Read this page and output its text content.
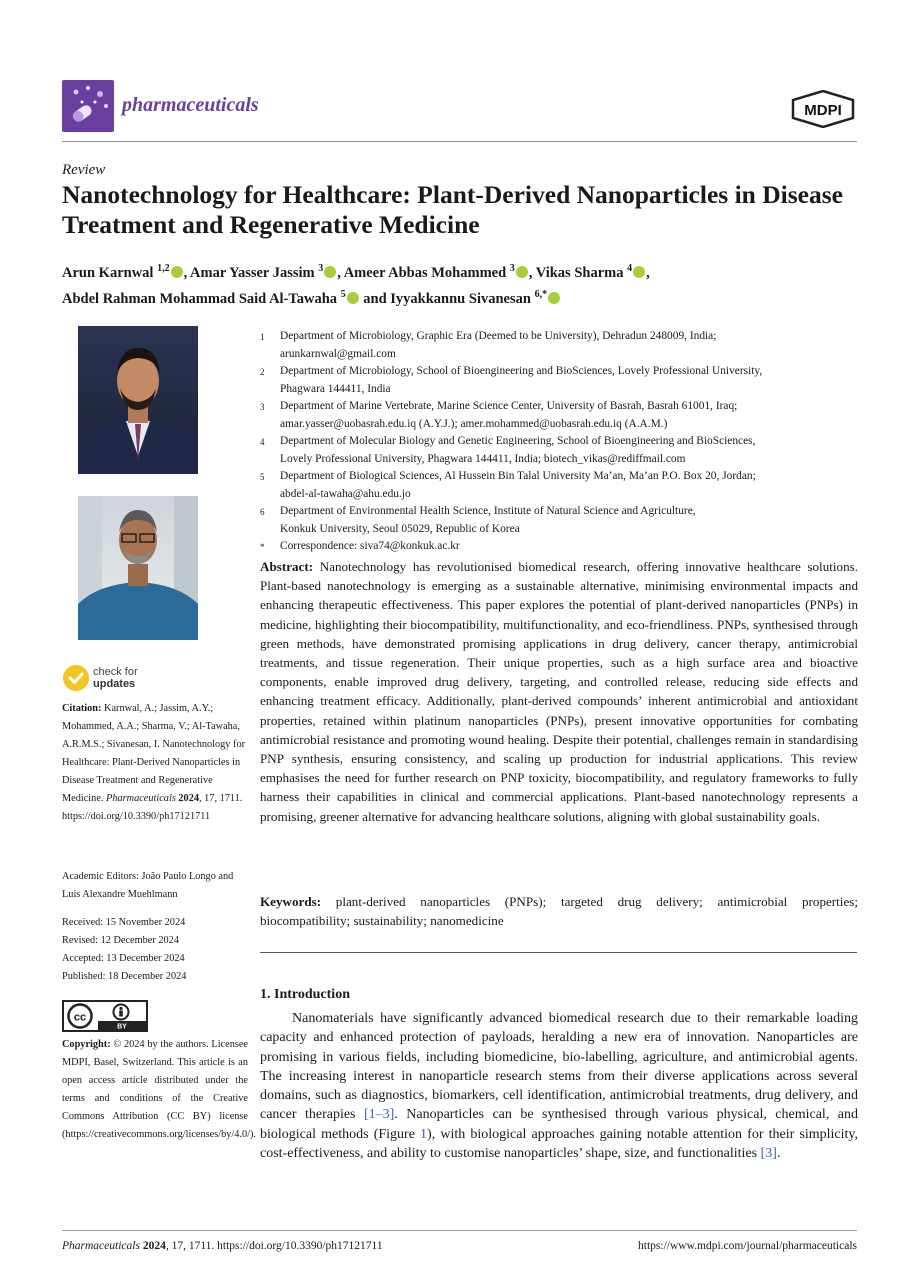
pharmaceuticals	MDPI
Review
Nanotechnology for Healthcare: Plant-Derived Nanoparticles in Disease Treatment and Regenerative Medicine
Arun Karnwal $^{1,2}$ , Amar Yasser Jassim $^3$ , Ameer Abbas Mohammed $^3$ , Vikas Sharma $^4$ ,
Abdel Rahman Mohammad Said Al-Tawaha $^5$ and Iyyakkannu Sivanesan $^{6,*}$
1	Department of Microbiology, Graphic Era (Deemed to be University), Dehradun 248009, India;
arunkarnwal@gmail.com
2	Department of Microbiology, School of Bioengineering and BioSciences, Lovely Professional University,
Phagwara 144411, India
3	Department of Marine Vertebrate, Marine Science Center, University of Basrah, Basrah 61001, Iraq;
amar.yasser@uobasrah.edu.iq (A.Y.J.); amer.mohammed@uobasrah.edu.iq (A.A.M.)
4	Department of Molecular Biology and Genetic Engineering, School of Bioengineering and BioSciences,
Lovely Professional University, Phagwara 144411, India; biotech_vikas@rediffmail.com
5	Department of Biological Sciences, Al Hussein Bin Talal University Ma’an, Ma’an P.O. Box 20, Jordan;
abdel-al-tawaha@ahu.edu.jo
6	Department of Environmental Health Science, Institute of Natural Science and Agriculture,
Konkuk University, Seoul 05029, Republic of Korea
*	Correspondence: siva74@konkuk.ac.kr
check for
updates
Citation: Karnwal, A.; Jassim, A.Y.; Mohammed, A.A.; Sharma, V.; Al-Tawaha, A.R.M.S.; Sivanesan, I. Nanotechnology for Healthcare: Plant-Derived Nanoparticles in Disease Treatment and Regenerative Medicine. Pharmaceuticals 2024, 17, 1711. https://doi.org/10.3390/ph17121711
Academic Editors: João Paulo Longo and Luis Alexandre Muehlmann
Received: 15 November 2024
Revised: 12 December 2024
Accepted: 13 December 2024
Published: 18 December 2024
cc
BY
Copyright: © 2024 by the authors. Licensee MDPI, Basel, Switzerland. This article is an open access article distributed under the terms and conditions of the Creative Commons Attribution (CC BY) license (https://creativecommons.org/licenses/by/4.0/).
Abstract: Nanotechnology has revolutionised biomedical research, offering innovative healthcare solutions. Plant-based nanotechnology is emerging as a sustainable alternative, minimising environmental impacts and enhancing therapeutic effectiveness. This paper explores the potential of plant-derived nanoparticles (PNPs) in medicine, highlighting their biocompatibility, multifunctionality, and eco-friendliness. PNPs, synthesised through green methods, have demonstrated promising applications in drug delivery, cancer therapy, antimicrobial treatments, and tissue regeneration. Their unique properties, such as a high surface area and bioactive components, enable improved drug delivery, targeting, and controlled release, reducing side effects and enhancing treatment efficacy. Additionally, plant-derived compounds’ inherent antimicrobial and antioxidant properties, retained within platinum nanoparticles (PNPs), present innovative opportunities for combating antimicrobial resistance and promoting wound healing. Despite their potential, challenges remain in standardising PNP synthesis, ensuring consistency, and scaling up production for industrial applications. This review emphasises the need for further research on PNP toxicity, biocompatibility, and regulatory frameworks to fully harness their capabilities in clinical and commercial applications. Plant-based nanotechnology represents a promising, greener alternative for advancing healthcare solutions, aligning with global sustainability goals.
Keywords: plant-derived nanoparticles (PNPs); targeted drug delivery; antimicrobial properties; biocompatibility; sustainability; nanomedicine
1. Introduction
Nanomaterials have significantly advanced biomedical research due to their remarkable loading capacity and enhanced protection of payloads, heralding a new era of innovation. Nanoparticles are promising in various fields, including biomedicine, bio-labelling, agriculture, and antimicrobial agents. The increasing interest in nanoparticle research stems from their diverse applications across several domains, such as diagnostics, biomarkers, cell identification, antimicrobial treatments, drug delivery, and cancer therapies [1–3]. Nanoparticles can be synthesised through various physical, chemical, and biological methods (Figure 1), with biological approaches gaining notable attention for their simplicity, cost-effectiveness, and ability to customise nanoparticles’ shape, size, and functionalities [3].
Pharmaceuticals 2024, 17, 1711. https://doi.org/10.3390/ph17121711	https://www.mdpi.com/journal/pharmaceuticals
